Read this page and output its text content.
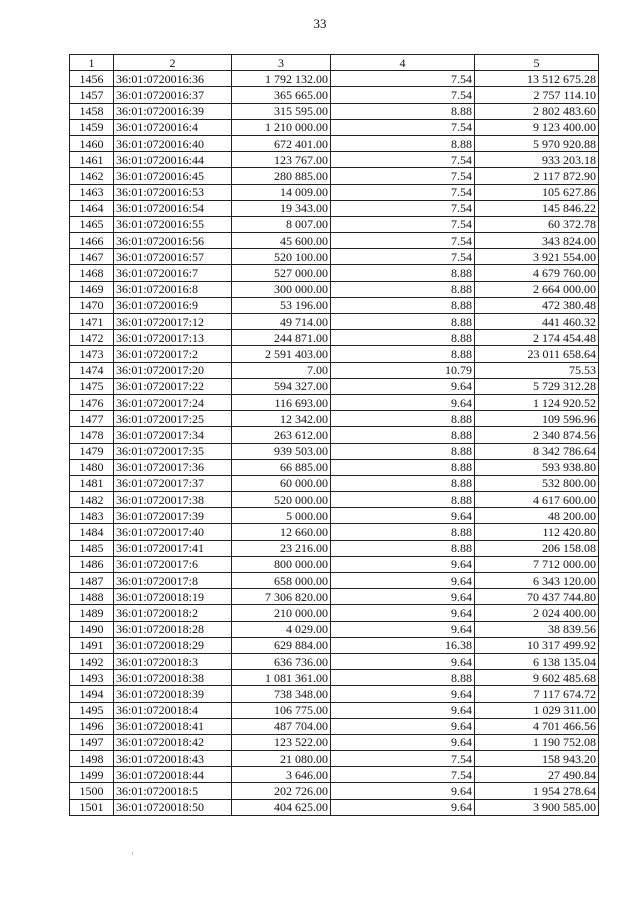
33
1	2	3	4	5
1456	36:01:0720016:36	1 792 132.00	7.54	13 512 675.28
1457	36:01:0720016:37	365 665.00	7.54	2 757 114.10
1458	36:01:0720016:39	315 595.00	8.88	2 802 483.60
1459	36:01:0720016:4	1 210 000.00	7.54	9 123 400.00
1460	36:01:0720016:40	672 401.00	8.88	5 970 920.88
1461	36:01:0720016:44	123 767.00	7.54	933 203.18
1462	36:01:0720016:45	280 885.00	7.54	2 117 872.90
1463	36:01:0720016:53	14 009.00	7.54	105 627.86
1464	36:01:0720016:54	19 343.00	7.54	145 846.22
1465	36:01:0720016:55	8 007.00	7.54	60 372.78
1466	36:01:0720016:56	45 600.00	7.54	343 824.00
1467	36:01:0720016:57	520 100.00	7.54	3 921 554.00
1468	36:01:0720016:7	527 000.00	8.88	4 679 760.00
1469	36:01:0720016:8	300 000.00	8.88	2 664 000.00
1470	36:01:0720016:9	53 196.00	8.88	472 380.48
1471	36:01:0720017:12	49 714.00	8.88	441 460.32
1472	36:01:0720017:13	244 871.00	8.88	2 174 454.48
1473	36:01:0720017:2	2 591 403.00	8.88	23 011 658.64
1474	36:01:0720017:20	7.00	10.79	75.53
1475	36:01:0720017:22	594 327.00	9.64	5 729 312.28
1476	36:01:0720017:24	116 693.00	9.64	1 124 920.52
1477	36:01:0720017:25	12 342.00	8.88	109 596.96
1478	36:01:0720017:34	263 612.00	8.88	2 340 874.56
1479	36:01:0720017:35	939 503.00	8.88	8 342 786.64
1480	36:01:0720017:36	66 885.00	8.88	593 938.80
1481	36:01:0720017:37	60 000.00	8.88	532 800.00
1482	36:01:0720017:38	520 000.00	8.88	4 617 600.00
1483	36:01:0720017:39	5 000.00	9.64	48 200.00
1484	36:01:0720017:40	12 660.00	8.88	112 420.80
1485	36:01:0720017:41	23 216.00	8.88	206 158.08
1486	36:01:0720017:6	800 000.00	9.64	7 712 000.00
1487	36:01:0720017:8	658 000.00	9.64	6 343 120.00
1488	36:01:0720018:19	7 306 820.00	9.64	70 437 744.80
1489	36:01:0720018:2	210 000.00	9.64	2 024 400.00
1490	36:01:0720018:28	4 029.00	9.64	38 839.56
1491	36:01:0720018:29	629 884.00	16.38	10 317 499.92
1492	36:01:0720018:3	636 736.00	9.64	6 138 135.04
1493	36:01:0720018:38	1 081 361.00	8.88	9 602 485.68
1494	36:01:0720018:39	738 348.00	9.64	7 117 674.72
1495	36:01:0720018:4	106 775.00	9.64	1 029 311.00
1496	36:01:0720018:41	487 704.00	9.64	4 701 466.56
1497	36:01:0720018:42	123 522.00	9.64	1 190 752.08
1498	36:01:0720018:43	21 080.00	7.54	158 943.20
1499	36:01:0720018:44	3 646.00	7.54	27 490.84
1500	36:01:0720018:5	202 726.00	9.64	1 954 278.64
1501	36:01:0720018:50	404 625.00	9.64	3 900 585.00
